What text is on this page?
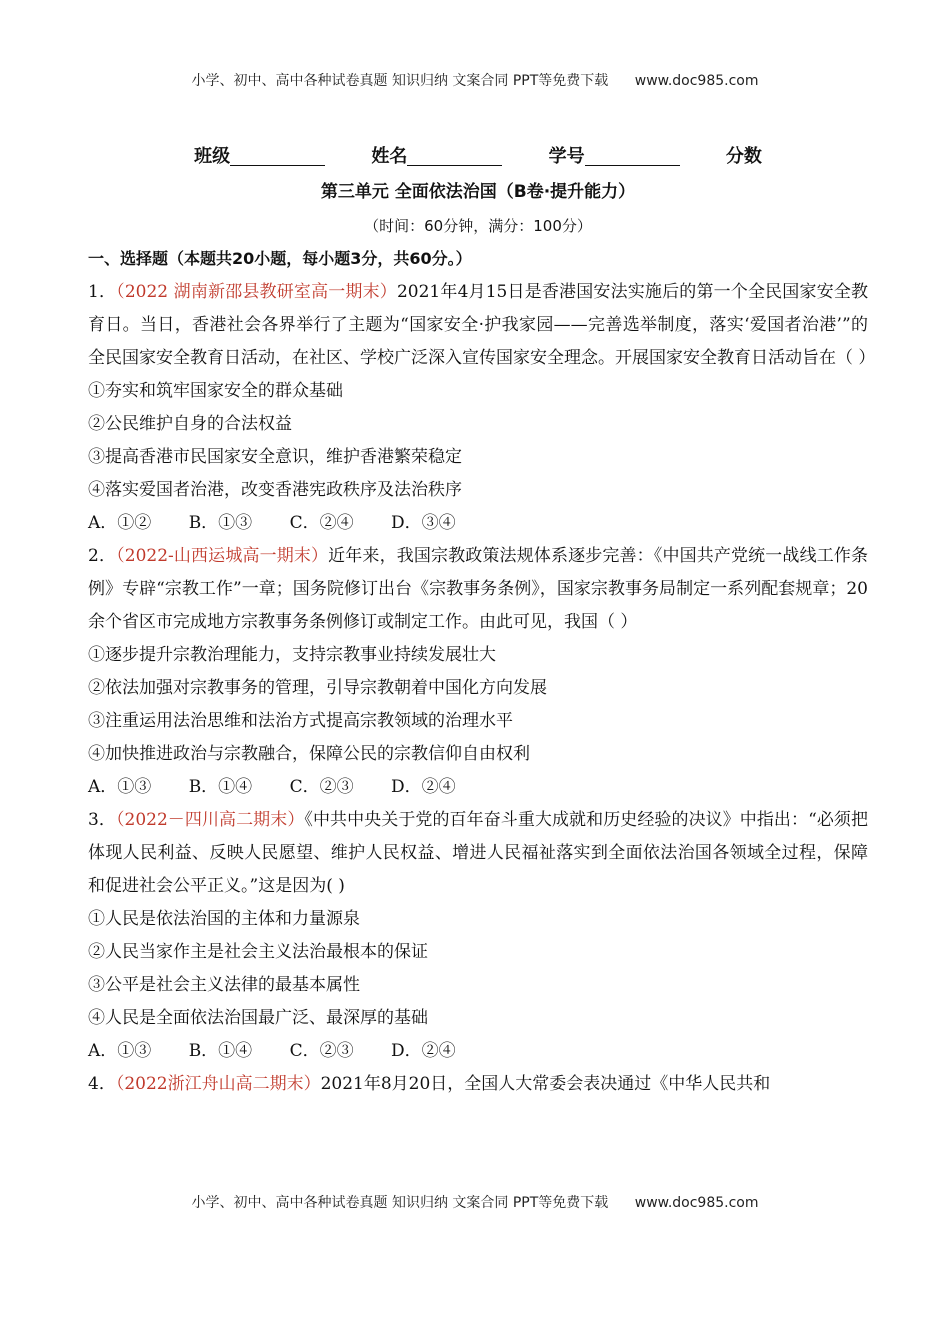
小学、初中、高中各种试卷真题 知识归纳 文案合同 PPT等免费下载 www.doc985.com
班级	姓名	学号	分数
第三单元 全面依法治国（B卷·提升能力）
（时间：60分钟，满分：100分）
一、选择题（本题共20小题，每小题3分，共60分。）
1．（2022 湖南新邵县教研室高一期末）2021年4月15日是香港国安法实施后的第一个全民国家安全教育日。当日，香港社会各界举行了主题为“国家安全·护我家园——完善选举制度，落实‘爱国者治港’”的全民国家安全教育日活动，在社区、学校广泛深入宣传国家安全理念。开展国家安全教育日活动旨在（ ）
①夯实和筑牢国家安全的群众基础
②公民维护自身的合法权益
③提高香港市民国家安全意识，维护香港繁荣稳定
④落实爱国者治港，改变香港宪政秩序及法治秩序
A．①② B．①③ C．②④ D．③④
2．（2022-山西运城高一期末）近年来，我国宗教政策法规体系逐步完善：《中国共产党统一战线工作条例》专辟“宗教工作”一章；国务院修订出台《宗教事务条例》，国家宗教事务局制定一系列配套规章；20余个省区市完成地方宗教事务条例修订或制定工作。由此可见，我国（ ）
①逐步提升宗教治理能力，支持宗教事业持续发展壮大
②依法加强对宗教事务的管理，引导宗教朝着中国化方向发展
③注重运用法治思维和法治方式提高宗教领域的治理水平
④加快推进政治与宗教融合，保障公民的宗教信仰自由权利
A．①③ B．①④ C．②③ D．②④
3．（2022－四川高二期末）《中共中央关于党的百年奋斗重大成就和历史经验的决议》中指出：“必须把体现人民利益、反映人民愿望、维护人民权益、增进人民福祉落实到全面依法治国各领域全过程，保障和促进社会公平正义。”这是因为( )
①人民是依法治国的主体和力量源泉
②人民当家作主是社会主义法治最根本的保证
③公平是社会主义法律的最基本属性
④人民是全面依法治国最广泛、最深厚的基础
A．①③ B．①④ C．②③ D．②④
4．（2022浙江舟山高二期末）2021年8月20日，全国人大常委会表决通过《中华人民共和
小学、初中、高中各种试卷真题 知识归纳 文案合同 PPT等免费下载 www.doc985.com
